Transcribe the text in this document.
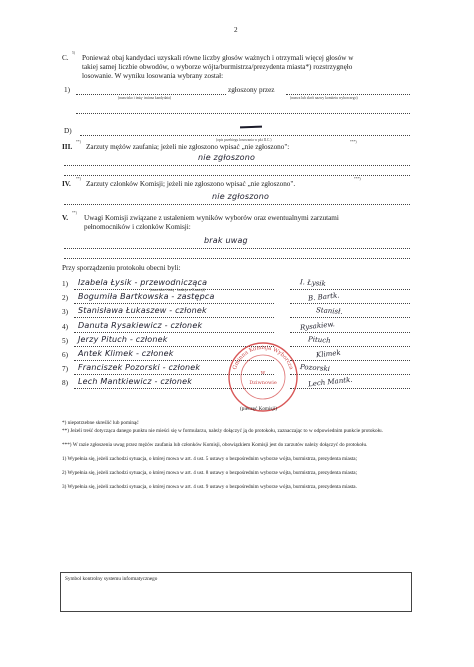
2
C.
5)
Ponieważ obaj kandydaci uzyskali równe liczby głosów ważnych i otrzymali więcej głosów w
takiej samej liczbie obwodów, o wyborze wójta/burmistrza/prezydenta miasta*) rozstrzygnęło
losowanie. W wyniku losowania wybrany został:
1)	zgłoszony przez
(nazwisko i imię- imiona kandydata)	(nazwa lub skrót nazwy komitetu wyborczego)
D)
(opis przebiegu losowania w pkt II.C.)
III.
**)
Zarzuty mężów zaufania; jeżeli nie zgłoszono wpisać „nie zgłoszono":
***)
nie zgłoszono
IV.
**)
Zarzuty członków Komisji; jeżeli nie zgłoszono wpisać „nie zgłoszono".
***)
nie zgłoszono
V.
**)
Uwagi Komisji związane z ustaleniem wyników wyborów oraz ewentualnymi zarzutami
pełnomocników i członków Komisji:
brak uwag
Przy sporządzeniu protokołu obecni byli:
1) Izabela Łysik - przewodnicząca	I. Łysik
2) Bogumiła Bartkowska - zastępca	B. Bartk.
3) Stanisława Łukaszew - członek	Stanisł.
4) Danuta Rysakiewicz - członek	Rysakiew.
5) Jerzy Pituch - członek	Pituch
6) Antek Klimek - członek	Klimek
7) Franciszek Pozorski - członek	Pozorski
8) Lech Mantkiewicz - członek	Lech Mantk.
(nazwisko i imię - funkcja w Komisji)
w
Dziwnowie
Gminna Komisja Wyborcza
(pieczęć Komisji)
*) niepotrzebne skreślić lub pominąć
**) Jeżeli treść dotycząca danego punktu nie mieści się w formularzu, należy dołączyć ją do protokołu, zaznaczając to w odpowiednim punkcie protokołu.
***) W razie zgłoszenia uwag przez mężów zaufania lub członków Komisji, obowiązkiem Komisji jest do zarzutów należy dołączyć do protokołu.
1) Wypełnia się, jeżeli zachodzi sytuacja, o której mowa w art. 4 ust. 5 ustawy o bezpośrednim wyborze wójta, burmistrza, prezydenta miasta;
2) Wypełnia się, jeżeli zachodzi sytuacja, o której mowa w art. 4 ust. 8 ustawy o bezpośrednim wyborze wójta, burmistrza, prezydenta miasta;
3) Wypełnia się, jeżeli zachodzi sytuacja, o której mowa w art. 4 ust. 9 ustawy o bezpośrednim wyborze wójta, burmistrza, prezydenta miasta.
Symbol kontrolny systemu informatycznego
